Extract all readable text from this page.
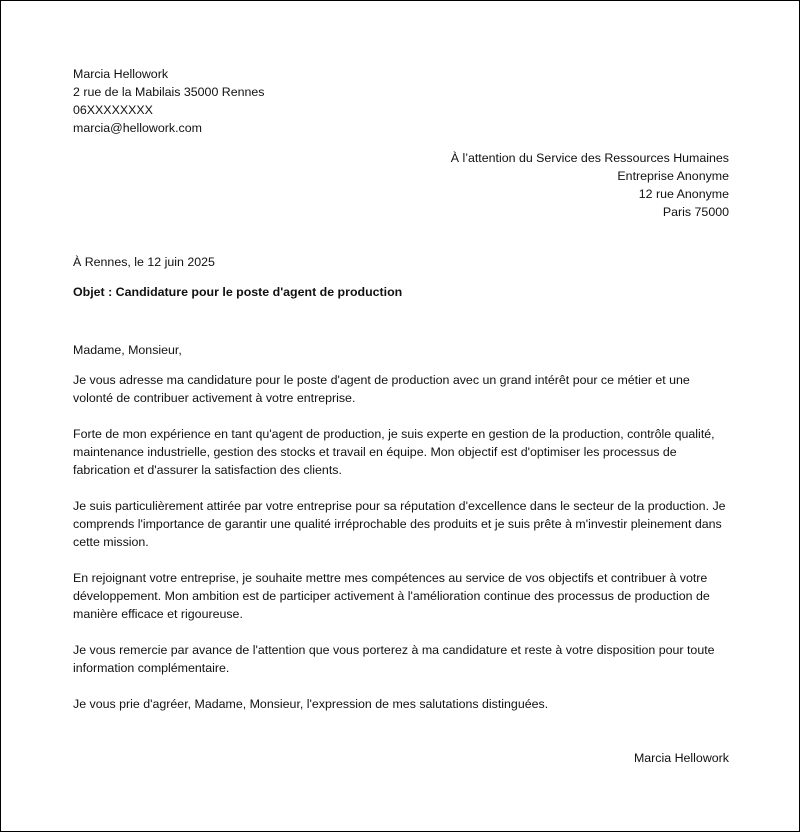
Marcia Hellowork
2 rue de la Mabilais 35000 Rennes
06XXXXXXXX
marcia@hellowork.com
À l’attention du Service des Ressources Humaines
Entreprise Anonyme
12 rue Anonyme
Paris 75000
À Rennes, le 12 juin 2025
Objet : Candidature pour le poste d'agent de production
Madame, Monsieur,
Je vous adresse ma candidature pour le poste d'agent de production avec un grand intérêt pour ce métier et une volonté de contribuer activement à votre entreprise.
Forte de mon expérience en tant qu'agent de production, je suis experte en gestion de la production, contrôle qualité, maintenance industrielle, gestion des stocks et travail en équipe. Mon objectif est d'optimiser les processus de fabrication et d'assurer la satisfaction des clients.
Je suis particulièrement attirée par votre entreprise pour sa réputation d'excellence dans le secteur de la production. Je comprends l'importance de garantir une qualité irréprochable des produits et je suis prête à m'investir pleinement dans cette mission.
En rejoignant votre entreprise, je souhaite mettre mes compétences au service de vos objectifs et contribuer à votre développement. Mon ambition est de participer activement à l'amélioration continue des processus de production de manière efficace et rigoureuse.
Je vous remercie par avance de l'attention que vous porterez à ma candidature et reste à votre disposition pour toute information complémentaire.
Je vous prie d'agréer, Madame, Monsieur, l'expression de mes salutations distinguées.
Marcia Hellowork
